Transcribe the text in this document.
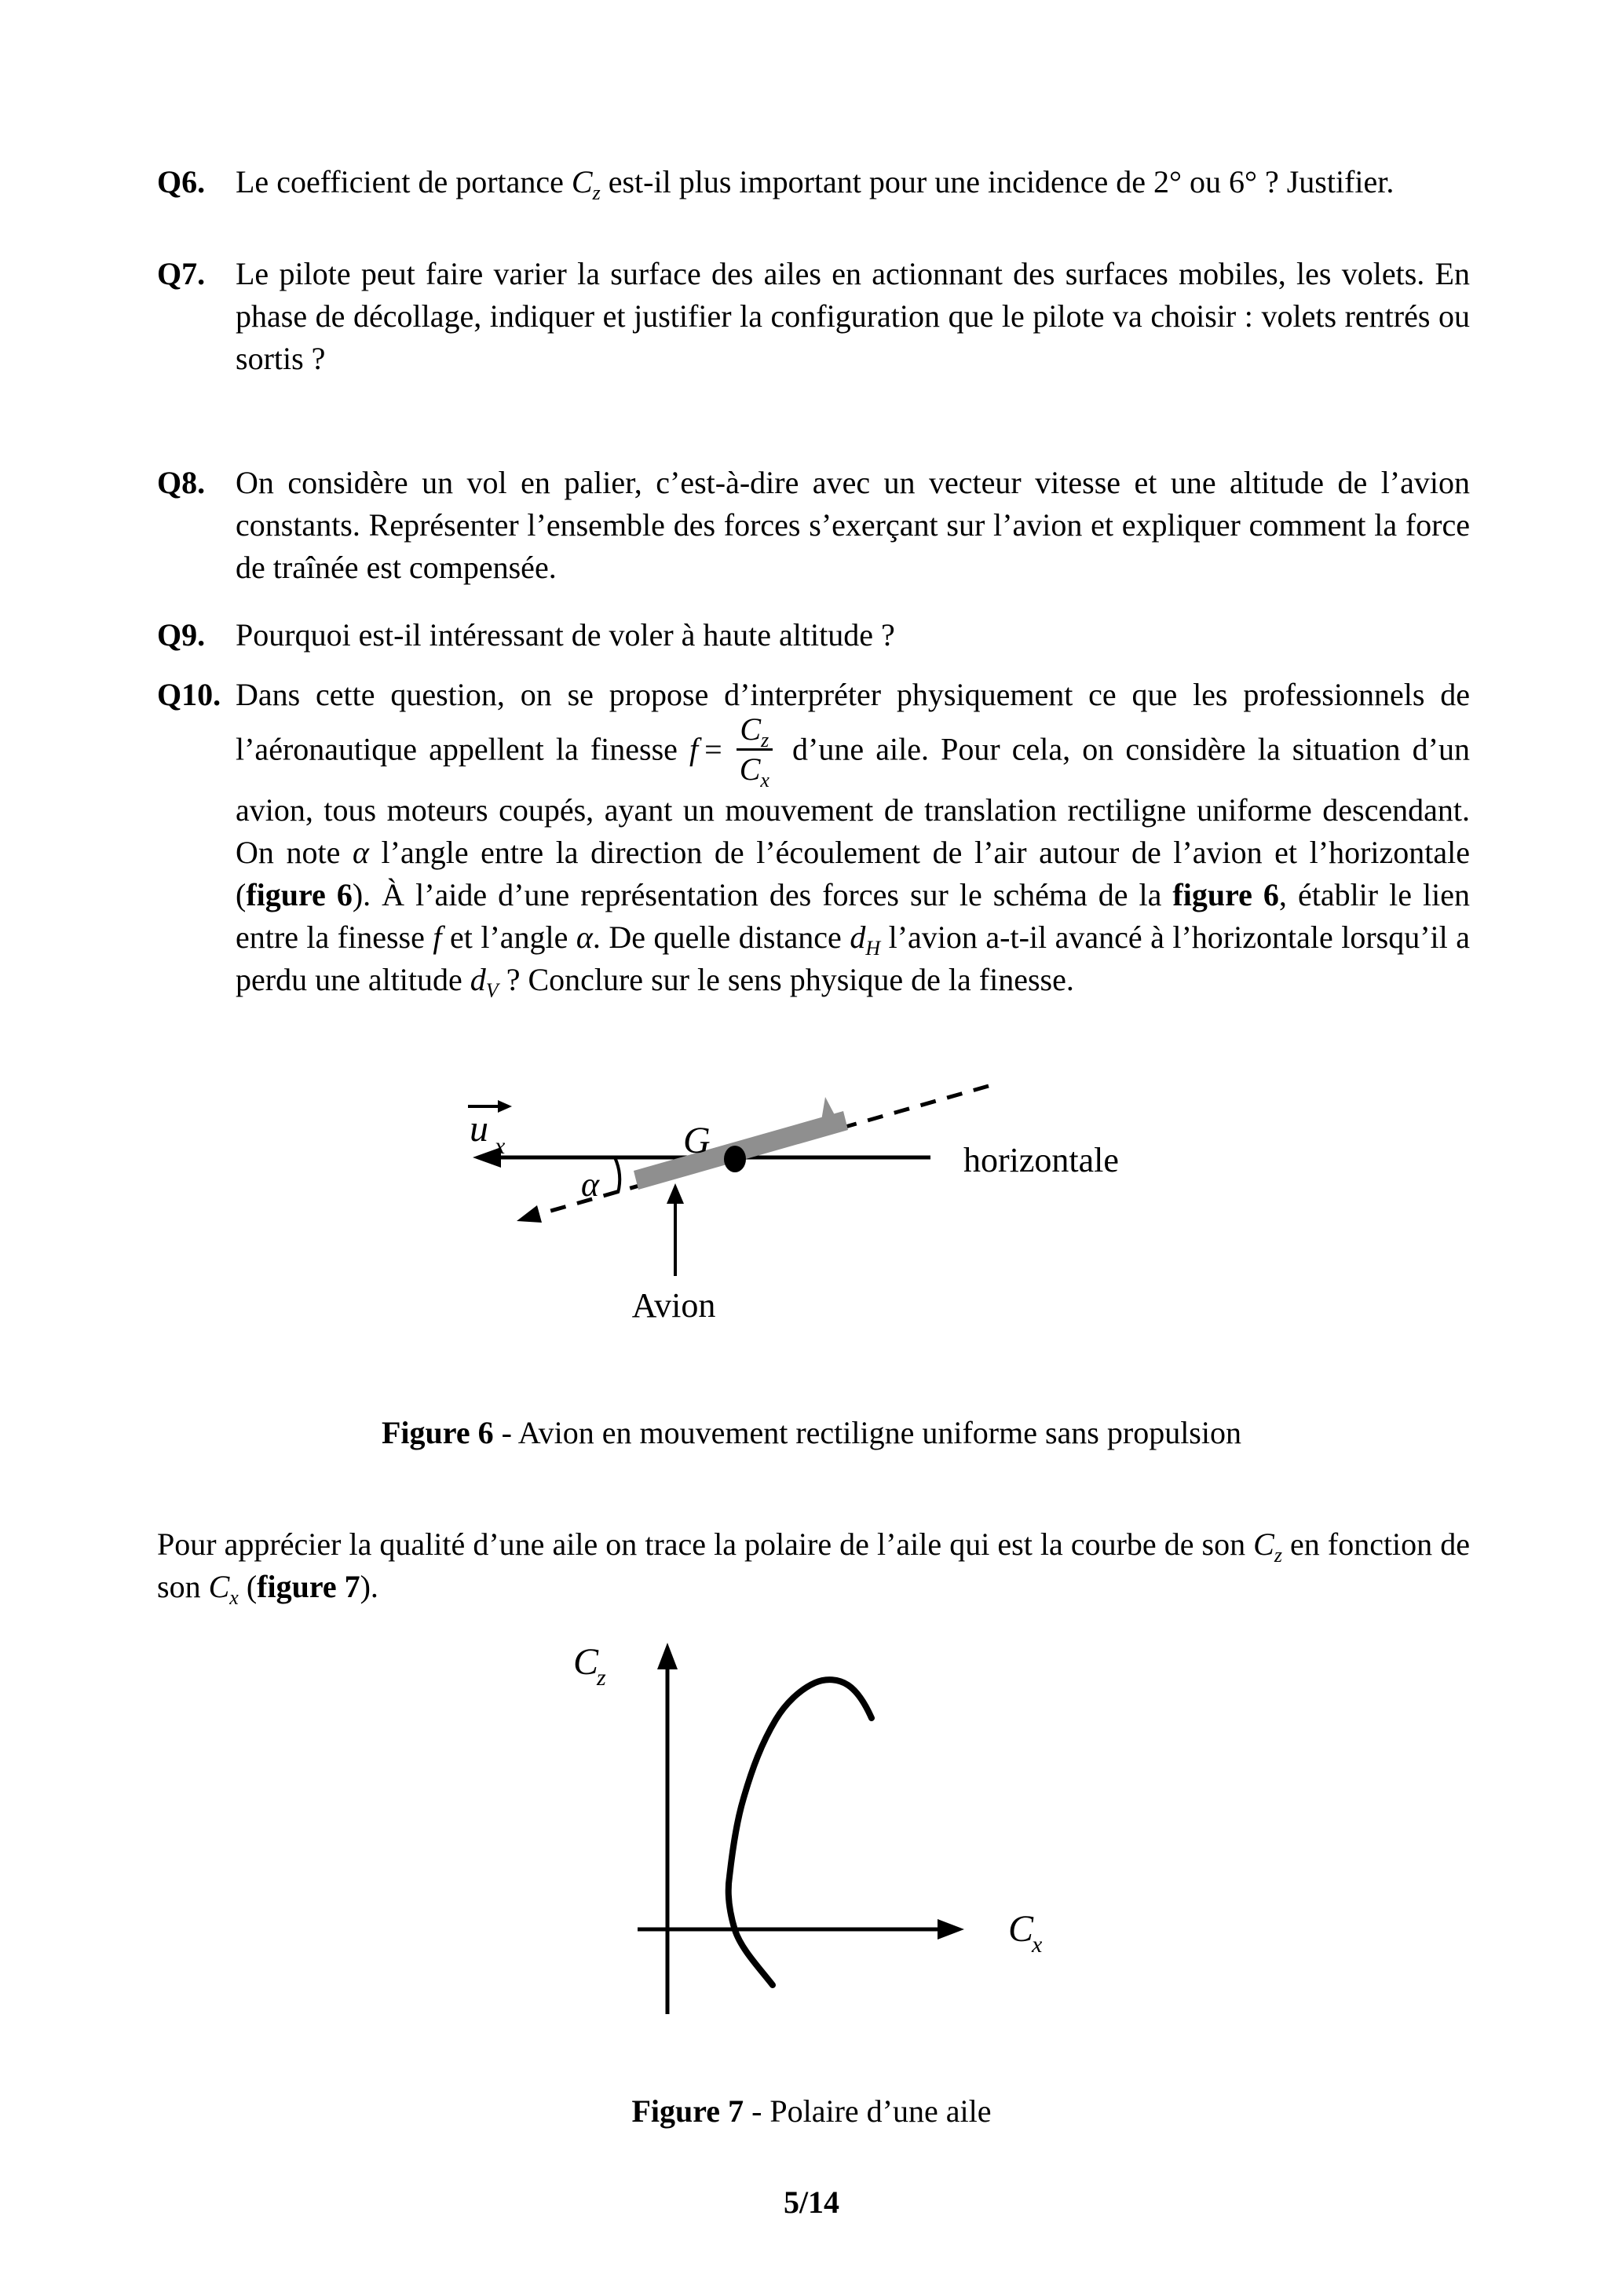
Q6. Le coefficient de portance $C_z$ est-il plus important pour une incidence de 2° ou 6° ? Justifier.
Q7. Le pilote peut faire varier la surface des ailes en actionnant des surfaces mobiles, les volets. En phase de décollage, indiquer et justifier la configuration que le pilote va choisir : volets rentrés ou sortis ?
Q8. On considère un vol en palier, c’est-à-dire avec un vecteur vitesse et une altitude de l’avion constants. Représenter l’ensemble des forces s’exerçant sur l’avion et expliquer comment la force de traînée est compensée.
Q9. Pourquoi est-il intéressant de voler à haute altitude ?
Q10. Dans cette question, on se propose d’interpréter physiquement ce que les professionnels de l’aéronautique appellent la finesse $f = \frac{C_z}{C_x}$ d’une aile. Pour cela, on considère la situation d’un avion, tous moteurs coupés, ayant un mouvement de translation rectiligne uniforme descendant. On note α l’angle entre la direction de l’écoulement de l’air autour de l’avion et l’horizontale (figure 6). À l’aide d’une représentation des forces sur le schéma de la figure 6, établir le lien entre la finesse f et l’angle α. De quelle distance $d_H$ l’avion a-t-il avancé à l’horizontale lorsqu’il a perdu une altitude $d_V$ ? Conclure sur le sens physique de la finesse.
u x	G
α
Avion
horizontale
Figure 6 - Avion en mouvement rectiligne uniforme sans propulsion
Pour apprécier la qualité d’une aile on trace la polaire de l’aile qui est la courbe de son $C_z$ en fonction de son $C_x$ (figure 7).
C
z
C
x
Figure 7 - Polaire d’une aile
5/14
